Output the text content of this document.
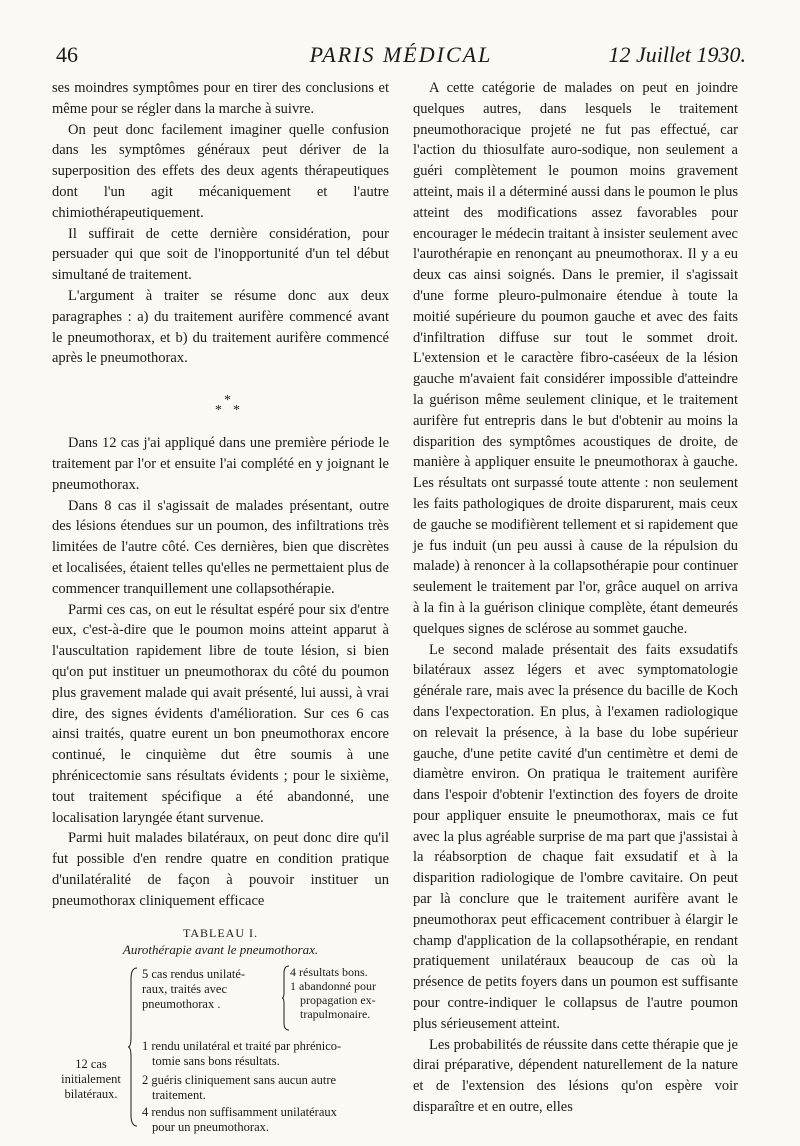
46	PARIS MÉDICAL	12 Juillet 1930.

ses moindres symptômes pour en tirer des conclusions et même pour se régler dans la marche à suivre.

On peut donc facilement imaginer quelle confusion dans les symptômes généraux peut dériver de la superposition des effets des deux agents thérapeutiques dont l'un agit mécaniquement et l'autre chimiothérapeutiquement.

Il suffirait de cette dernière considération, pour persuader qui que soit de l'inopportunité d'un tel début simultané de traitement.

L'argument à traiter se résume donc aux deux paragraphes : a) du traitement aurifère commencé avant le pneumothorax, et b) du traitement aurifère commencé après le pneumothorax.

*
* *

Dans 12 cas j'ai appliqué dans une première période le traitement par l'or et ensuite l'ai complété en y joignant le pneumothorax.

Dans 8 cas il s'agissait de malades présentant, outre des lésions étendues sur un poumon, des infiltrations très limitées de l'autre côté. Ces dernières, bien que discrètes et localisées, étaient telles qu'elles ne permettaient plus de commencer tranquillement une collapsothérapie.

Parmi ces cas, on eut le résultat espéré pour six d'entre eux, c'est-à-dire que le poumon moins atteint apparut à l'auscultation rapidement libre de toute lésion, si bien qu'on put instituer un pneumothorax du côté du poumon plus gravement malade qui avait présenté, lui aussi, à vrai dire, des signes évidents d'amélioration. Sur ces 6 cas ainsi traités, quatre eurent un bon pneumothorax encore continué, le cinquième dut être soumis à une phrénicectomie sans résultats évidents ; pour le sixième, tout traitement spécifique a été abandonné, une localisation laryngée étant survenue.

Parmi huit malades bilatéraux, on peut donc dire qu'il fut possible d'en rendre quatre en condition pratique d'unilatéralité de façon à pouvoir instituer un pneumothorax cliniquement efficace

TABLEAU I.
Aurothérapie avant le pneumothorax.
12 cas
initialement
bilatéraux.
5 cas rendus unilaté-
raux, traités avec
pneumothorax .
4 résultats bons.
1 abandonné pour
propagation ex-
trapulmonaire.
1 rendu unilatéral et traité par phrénico-
tomie sans bons résultats.
2 guéris cliniquement sans aucun autre
traitement.
4 rendus non suffisamment unilatéraux
pour un pneumothorax.

A cette catégorie de malades on peut en joindre quelques autres, dans lesquels le traitement pneumothoracique projeté ne fut pas effectué, car l'action du thiosulfate auro-sodique, non seulement a guéri complètement le poumon moins gravement atteint, mais il a déterminé aussi dans le poumon le plus atteint des modifications assez favorables pour encourager le médecin traitant à insister seulement avec l'aurothérapie en renonçant au pneumothorax. Il y a eu deux cas ainsi soignés. Dans le premier, il s'agissait d'une forme pleuro-pulmonaire étendue à toute la moitié supérieure du poumon gauche et avec des faits d'infiltration diffuse sur tout le sommet droit. L'extension et le caractère fibro-caséeux de la lésion gauche m'avaient fait considérer impossible d'atteindre la guérison même seulement clinique, et le traitement aurifère fut entrepris dans le but d'obtenir au moins la disparition des symptômes acoustiques de droite, de manière à appliquer ensuite le pneumothorax à gauche. Les résultats ont surpassé toute attente : non seulement les faits pathologiques de droite disparurent, mais ceux de gauche se modifièrent tellement et si rapidement que je fus induit (un peu aussi à cause de la répulsion du malade) à renoncer à la collapsothérapie pour continuer seulement le traitement par l'or, grâce auquel on arriva à la fin à la guérison clinique complète, étant demeurés quelques signes de sclérose au sommet gauche.

Le second malade présentait des faits exsudatifs bilatéraux assez légers et avec symptomatologie générale rare, mais avec la présence du bacille de Koch dans l'expectoration. En plus, à l'examen radiologique on relevait la présence, à la base du lobe supérieur gauche, d'une petite cavité d'un centimètre et demi de diamètre environ. On pratiqua le traitement aurifère dans l'espoir d'obtenir l'extinction des foyers de droite pour appliquer ensuite le pneumothorax, mais ce fut avec la plus agréable surprise de ma part que j'assistai à la réabsorption de chaque fait exsudatif et à la disparition radiologique de l'ombre cavitaire. On peut par là conclure que le traitement aurifère avant le pneumothorax peut efficacement contribuer à élargir le champ d'application de la collapsothérapie, en rendant pratiquement unilatéraux beaucoup de cas où la présence de petits foyers dans un poumon est suffisante pour contre-indiquer le collapsus de l'autre poumon plus sérieusement atteint.

Les probabilités de réussite dans cette thérapie que je dirai préparative, dépendent naturellement de la nature et de l'extension des lésions qu'on espère voir disparaître et en outre, elles
